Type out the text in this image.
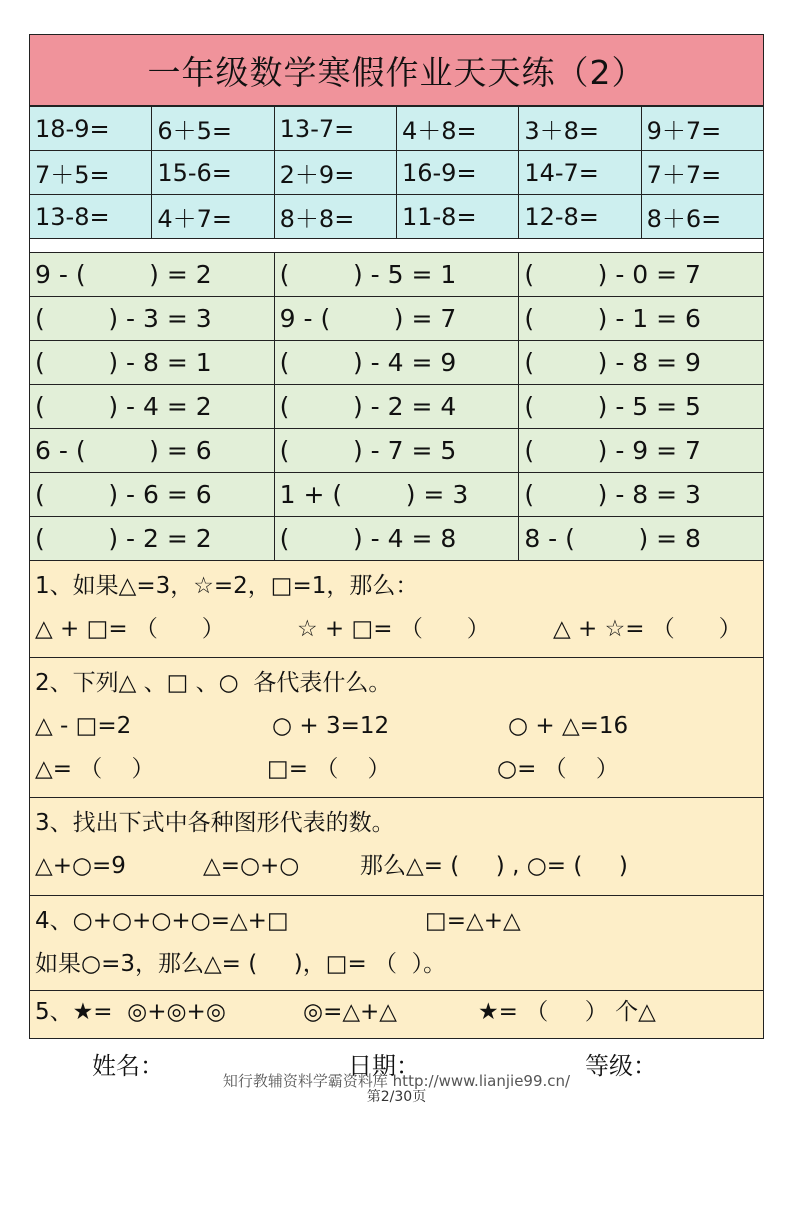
一年级数学寒假作业天天练（2）
18-9=	6＋5=	13-7=	4＋8=	3＋8=	9＋7=
7＋5=	15-6=	2＋9=	16-9=	14-7=	7＋7=
13-8=	4＋7=	8＋8=	11-8=	12-8=	8＋6=
9 - (        ) = 2	(        ) - 5 = 1	(        ) - 0 = 7
(        ) - 3 = 3	9 - (        ) = 7	(        ) - 1 = 6
(        ) - 8 = 1	(        ) - 4 = 9	(        ) - 8 = 9
(        ) - 4 = 2	(        ) - 2 = 4	(        ) - 5 = 5
6 - (        ) = 6	(        ) - 7 = 5	(        ) - 9 = 7
(        ) - 6 = 6	1 + (        ) = 3	(        ) - 8 = 3
(        ) - 2 = 2	(        ) - 4 = 8	8 - (        ) = 8
1、如果△=3，☆=2，□=1，那么：

△ + □= （      ）

	☆ + □= （      ）

	△ + ☆= （      ）

2、下列△ 、□ 、○  各代表什么。

△ - □=2

	○ + 3=12

	○ + △=16

△= （    ）

	□= （    ）

	○= （    ）

3、找出下式中各种图形代表的数。

△+○=9

	△=○+○

	那么△= (     ) , ○= (     )

4、○+○+○+○=△+□

	□=△+△

如果○=3，那么△= (     )，□= （  ）。

5、★=  ◎+◎+◎

	◎=△+△

	★= （     ） 个△

姓名：	日期：	等级：
知行教辅资料学霸资料库 http://www.lianjie99.cn/
第2/30页
